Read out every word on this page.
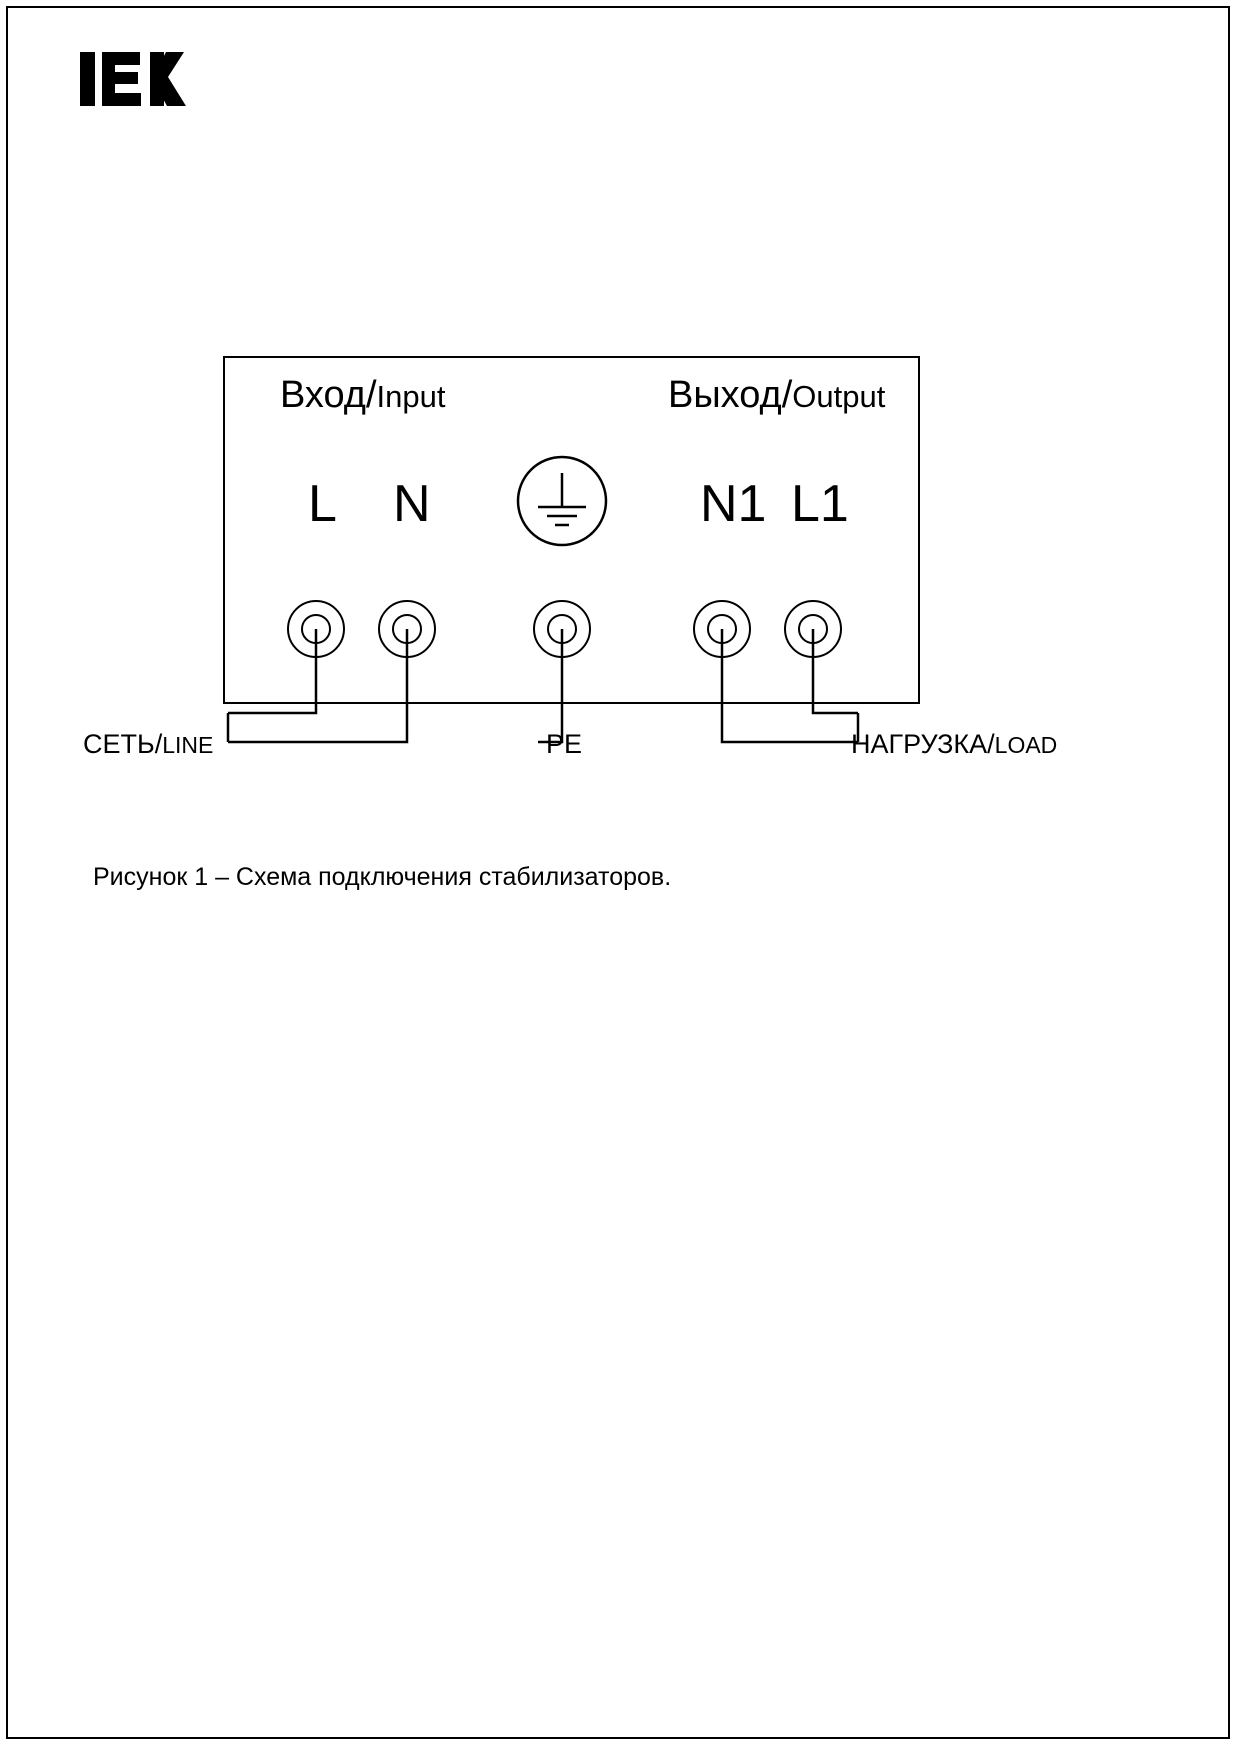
Вход/Input	Выход/Output
L N	N1 L1
СЕТЬ/LINE	PE	НАГРУЗКА/LOAD
Рисунок 1 – Схема подключения стабилизаторов.
